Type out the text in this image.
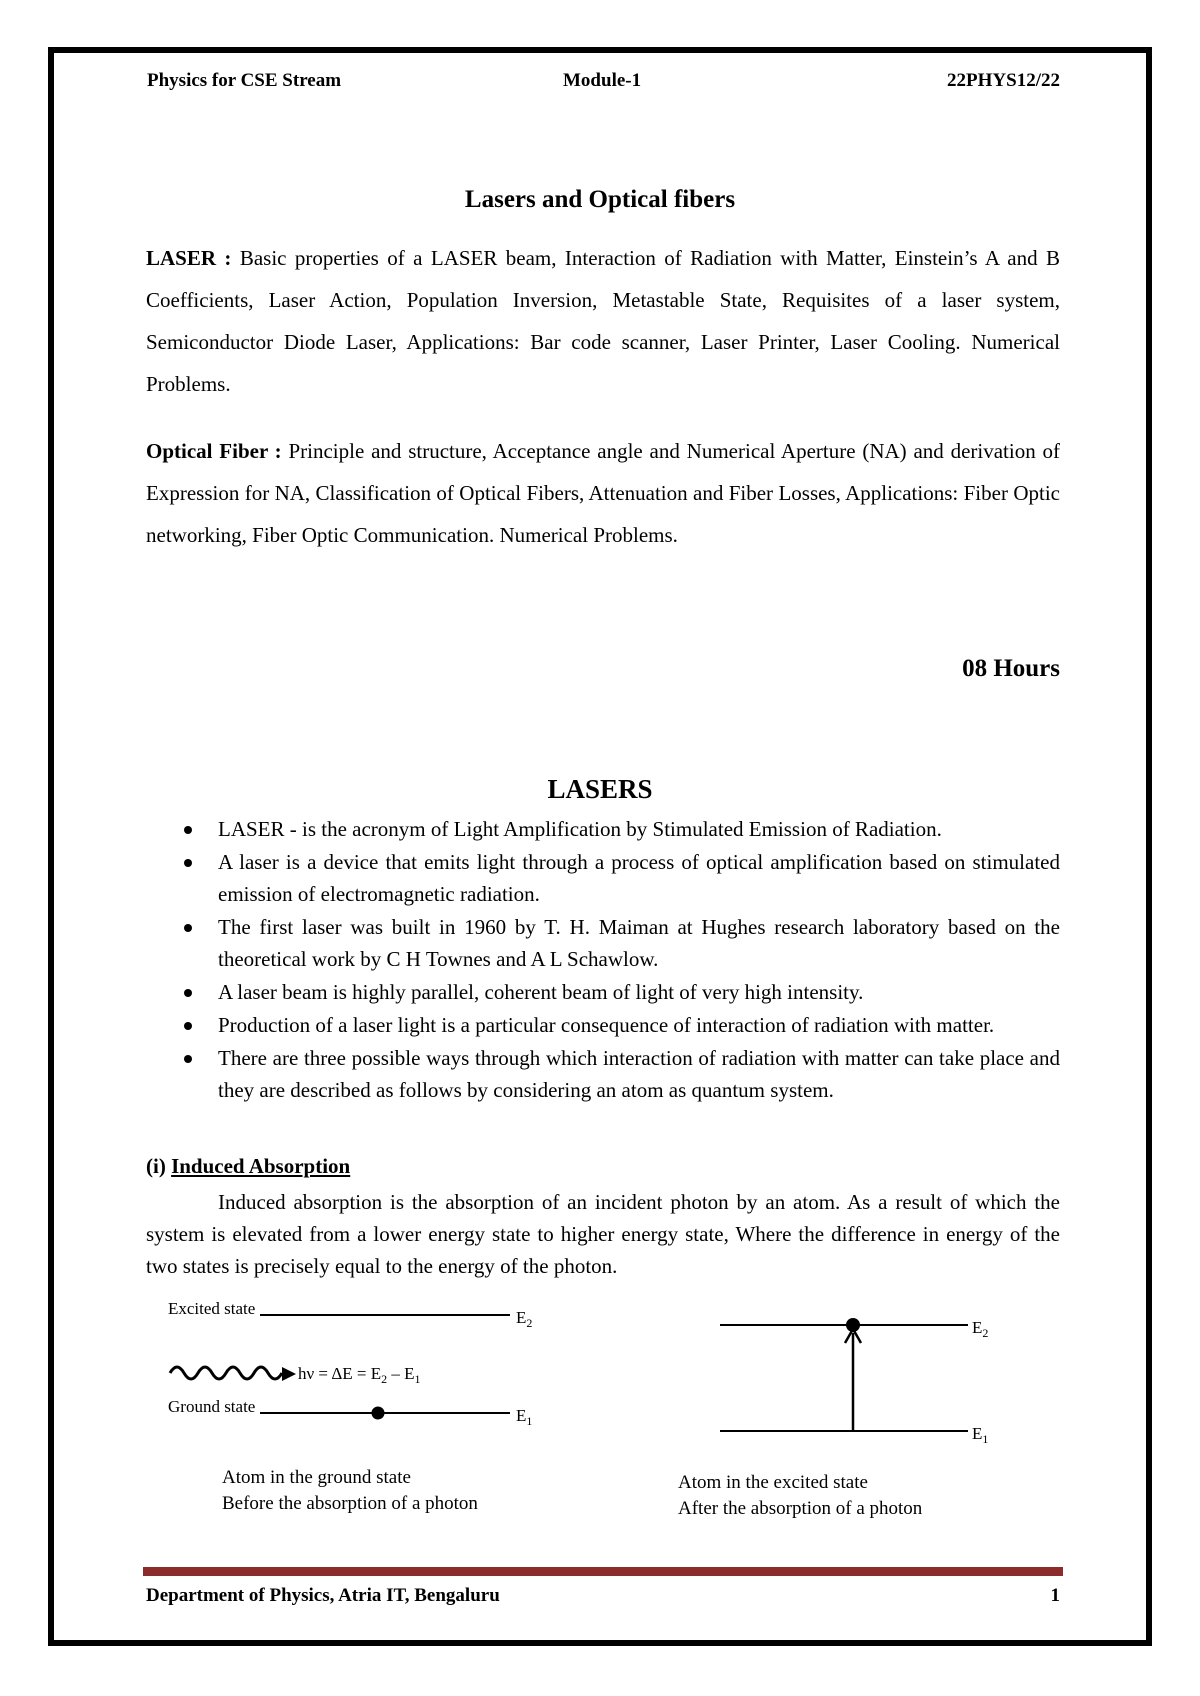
Physics for CSE Stream	Module-1	22PHYS12/22
Lasers and Optical fibers

LASER : Basic properties of a LASER beam, Interaction of Radiation with Matter, Einstein’s A and B Coefficients, Laser Action, Population Inversion, Metastable State, Requisites of a laser system, Semiconductor Diode Laser, Applications: Bar code scanner, Laser Printer, Laser Cooling. Numerical Problems.

Optical Fiber : Principle and structure, Acceptance angle and Numerical Aperture (NA) and derivation of Expression for NA, Classification of Optical Fibers, Attenuation and Fiber Losses, Applications: Fiber Optic networking, Fiber Optic Communication. Numerical Problems.

08 Hours
LASERS
LASER - is the acronym of Light Amplification by Stimulated Emission of Radiation.
A laser is a device that emits light through a process of optical amplification based on stimulated emission of electromagnetic radiation.
The first laser was built in 1960 by T. H. Maiman at Hughes research laboratory based on the theoretical work by C H Townes and A L Schawlow.
A laser beam is highly parallel, coherent beam of light of very high intensity.
Production of a laser light is a particular consequence of interaction of radiation with matter.
There are three possible ways through which interaction of radiation with matter can take place and they are described as follows by considering an atom as quantum system.
(i) Induced Absorption

Induced absorption is the absorption of an incident photon by an atom. As a result of which the system is elevated from a lower energy state to higher energy state, Where the difference in energy of the two states is precisely equal to the energy of the photon.

Excited state	$E_2$
$h\nu = \Delta E = E_2 - E_1$
Ground state	$E_1$
Atom in the ground state
Before the absorption of a photon
$E_2$
$E_1$
Atom in the excited state
After the absorption of a photon
Department of Physics, Atria IT, Bengaluru	1
